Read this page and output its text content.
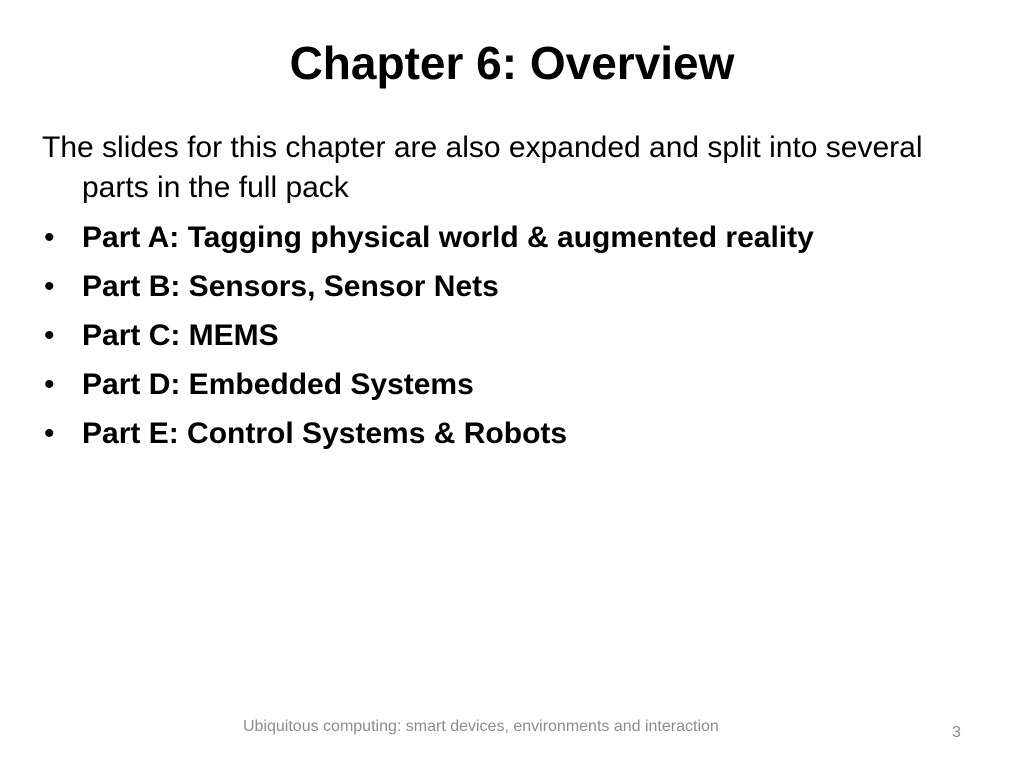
Chapter 6: Overview

The slides for this chapter are also expanded and split into several parts in the full pack

• Part A: Tagging physical world & augmented reality
• Part B: Sensors, Sensor Nets
• Part C: MEMS
• Part D: Embedded Systems
• Part E: Control Systems & Robots
Ubiquitous computing: smart devices, environments and interaction	3
